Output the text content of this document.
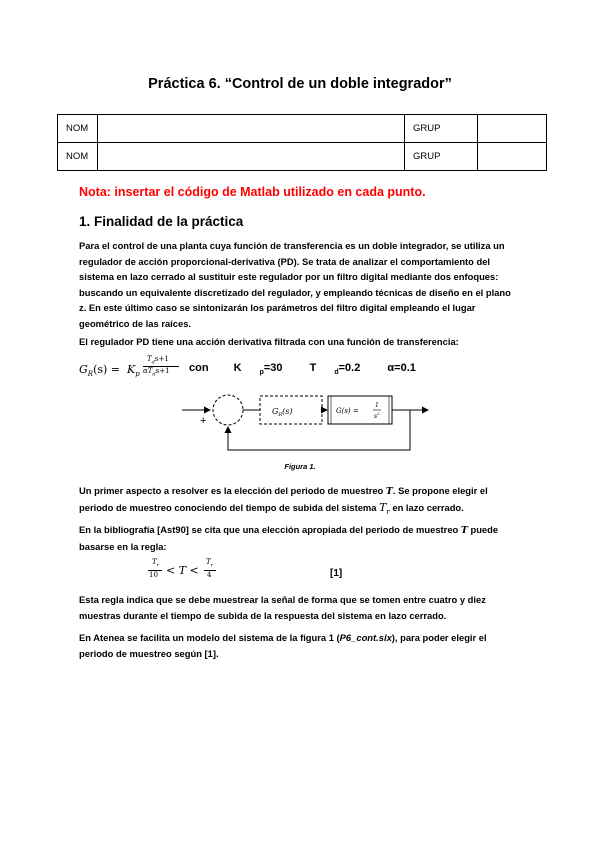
Práctica 6. “Control de un doble integrador”
NOM		GRUP	
NOM		GRUP	
Nota: insertar el código de Matlab utilizado en cada punto.
1. Finalidad de la práctica
Para el control de una planta cuya función de transferencia es un doble integrador, se utiliza un
regulador de acción proporcional-derivativa (PD). Se trata de analizar el comportamiento del
sistema en lazo cerrado al sustituir este regulador por un filtro digital mediante dos enfoques:
buscando un equivalente discretizado del regulador, y empleando técnicas de diseño en el plano
z. En este último caso se sintonizarán los parámetros del filtro digital empleando el lugar
geométrico de las raíces.
El regulador PD tiene una acción derivativa filtrada con una función de transferencia:
$G_R(s) = K_p$
$T_ds+1$
$\alpha T_ds+1$ con K	$_p$=30 T	$_d$=0.2 α=0.1
+
$G_R(s)$	G(s) =
1
$s^2$
Figura 1.
Un primer aspecto a resolver es la elección del periodo de muestreo T. Se propone elegir el
periodo de muestreo conociendo del tiempo de subida del sistema $T_r$ en lazo cerrado.
En la bibliografía [Ast90] se cita que una elección apropiada del periodo de muestreo T puede
basarse en la regla:
$T_r$
10 < T <
$T_r$
4	[1]
Esta regla indica que se debe muestrear la señal de forma que se tomen entre cuatro y diez
muestras durante el tiempo de subida de la respuesta del sistema en lazo cerrado.
En Atenea se facilita un modelo del sistema de la figura 1 (P6_cont.slx), para poder elegir el
periodo de muestreo según [1].
